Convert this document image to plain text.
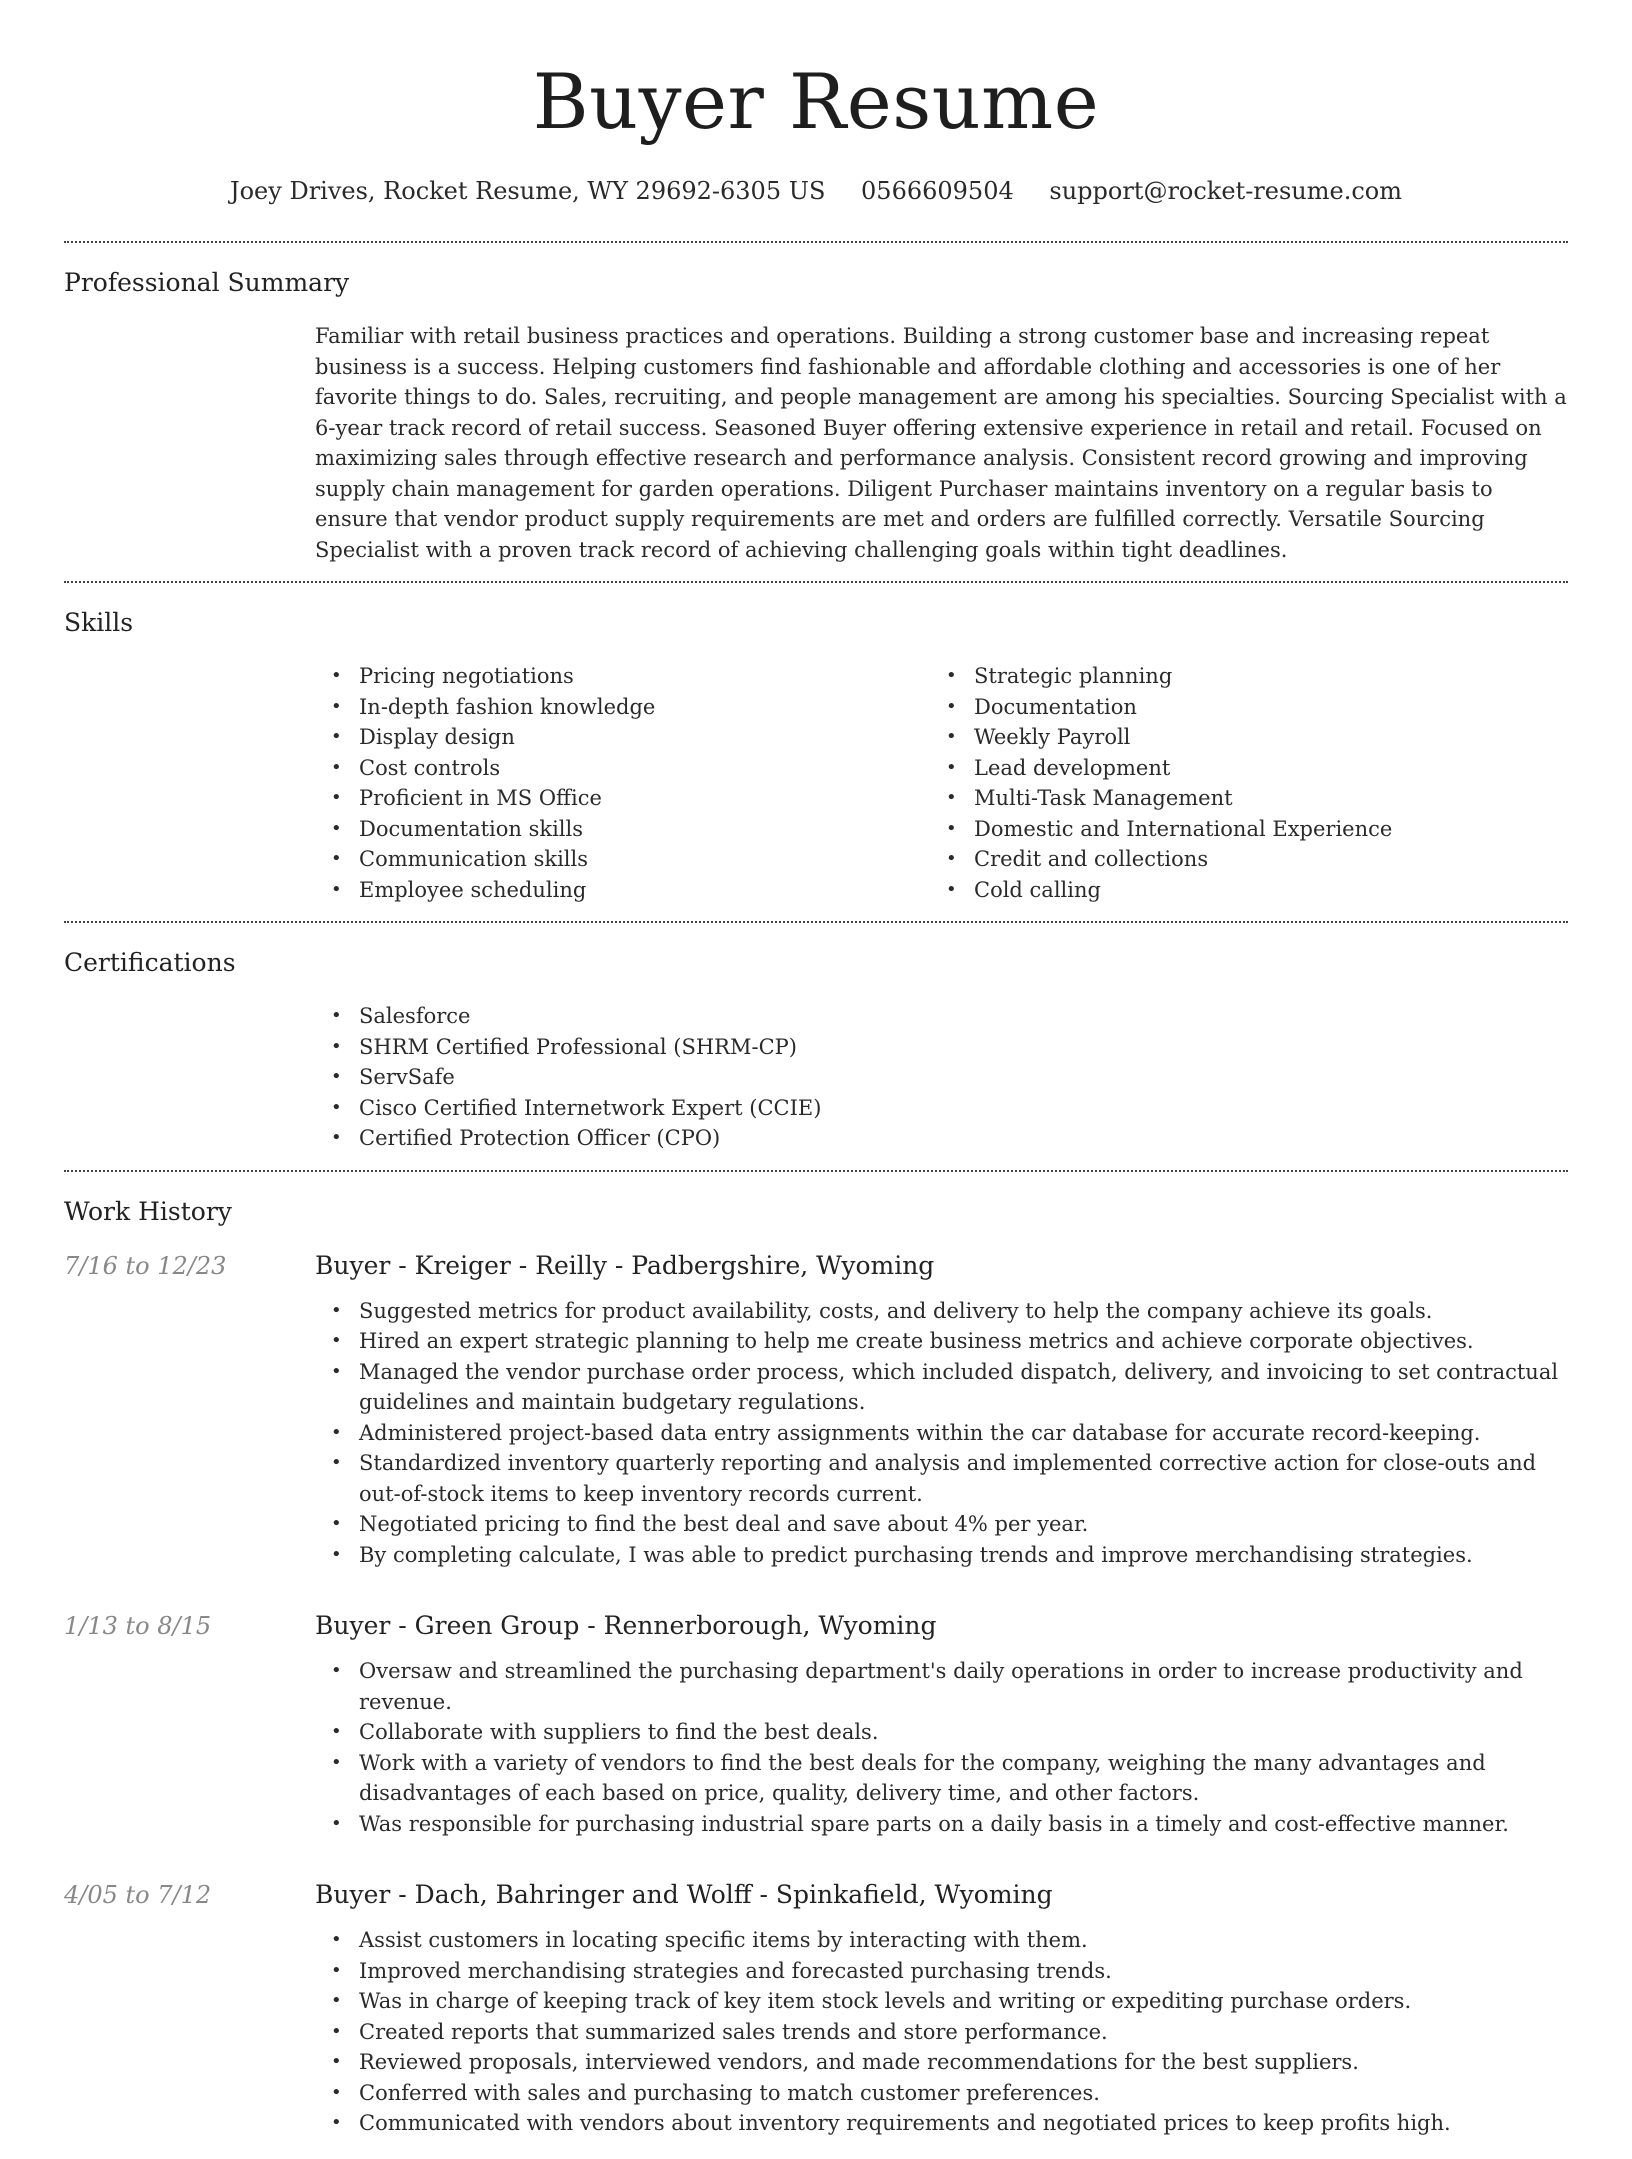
Buyer Resume
Joey Drives, Rocket Resume, WY 29692-6305 US 0566609504 support@rocket-resume.com
Professional Summary

Familiar with retail business practices and operations. Building a strong customer base and increasing repeat business is a success. Helping customers find fashionable and affordable clothing and accessories is one of her favorite things to do. Sales, recruiting, and people management are among his specialties. Sourcing Specialist with a 6-year track record of retail success. Seasoned Buyer offering extensive experience in retail and retail. Focused on maximizing sales through effective research and performance analysis. Consistent record growing and improving supply chain management for garden operations. Diligent Purchaser maintains inventory on a regular basis to ensure that vendor product supply requirements are met and orders are fulfilled correctly. Versatile Sourcing Specialist with a proven track record of achieving challenging goals within tight deadlines.

Skills
• Pricing negotiations
• In-depth fashion knowledge
• Display design
• Cost controls
• Proficient in MS Office
• Documentation skills
• Communication skills
• Employee scheduling
• Strategic planning
• Documentation
• Weekly Payroll
• Lead development
• Multi-Task Management
• Domestic and International Experience
• Credit and collections
• Cold calling
Certifications
• Salesforce
• SHRM Certified Professional (SHRM-CP)
• ServSafe
• Cisco Certified Internetwork Expert (CCIE)
• Certified Protection Officer (CPO)
Work History
7/16 to 12/23	Buyer - Kreiger - Reilly - Padbergshire, Wyoming
• Suggested metrics for product availability, costs, and delivery to help the company achieve its goals.
• Hired an expert strategic planning to help me create business metrics and achieve corporate objectives.
• Managed the vendor purchase order process, which included dispatch, delivery, and invoicing to set contractual guidelines and maintain budgetary regulations.
• Administered project-based data entry assignments within the car database for accurate record-keeping.
• Standardized inventory quarterly reporting and analysis and implemented corrective action for close-outs and out-of-stock items to keep inventory records current.
• Negotiated pricing to find the best deal and save about 4% per year.
• By completing calculate, I was able to predict purchasing trends and improve merchandising strategies.
1/13 to 8/15	Buyer - Green Group - Rennerborough, Wyoming
• Oversaw and streamlined the purchasing department's daily operations in order to increase productivity and revenue.
• Collaborate with suppliers to find the best deals.
• Work with a variety of vendors to find the best deals for the company, weighing the many advantages and disadvantages of each based on price, quality, delivery time, and other factors.
• Was responsible for purchasing industrial spare parts on a daily basis in a timely and cost-effective manner.
4/05 to 7/12	Buyer - Dach, Bahringer and Wolff - Spinkafield, Wyoming
• Assist customers in locating specific items by interacting with them.
• Improved merchandising strategies and forecasted purchasing trends.
• Was in charge of keeping track of key item stock levels and writing or expediting purchase orders.
• Created reports that summarized sales trends and store performance.
• Reviewed proposals, interviewed vendors, and made recommendations for the best suppliers.
• Conferred with sales and purchasing to match customer preferences.
• Communicated with vendors about inventory requirements and negotiated prices to keep profits high.
